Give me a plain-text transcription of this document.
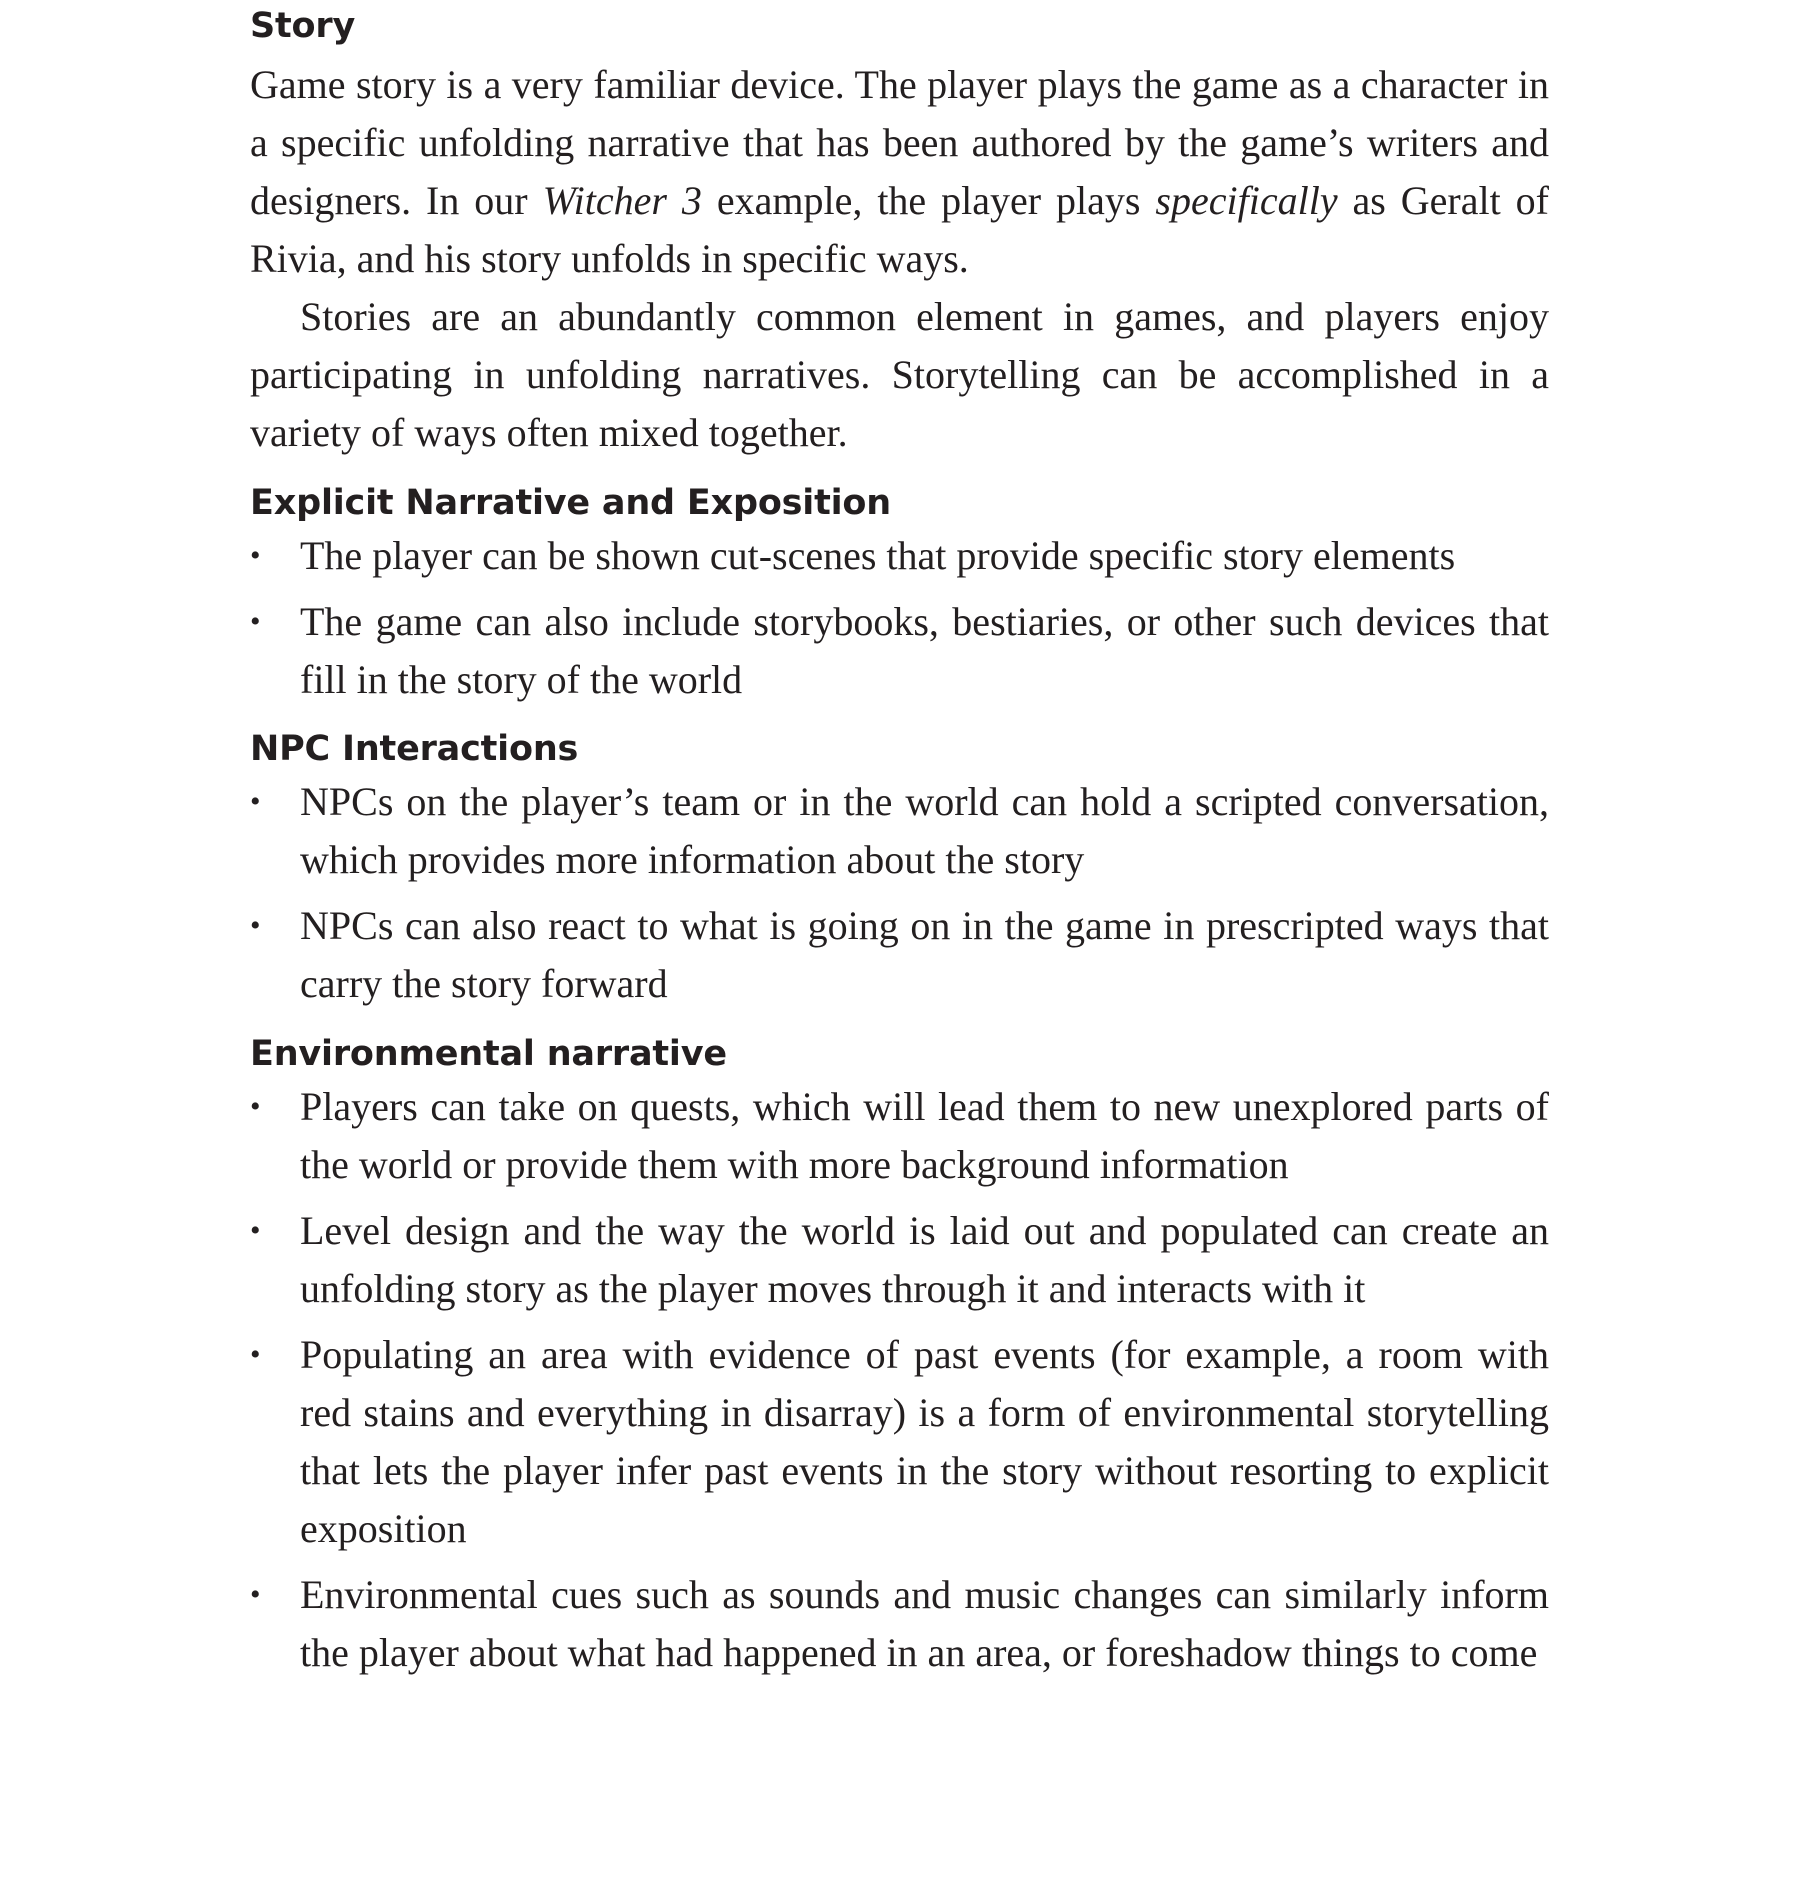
Story

Game story is a very familiar device. The player plays the game as a character in a specific unfolding narrative that has been authored by the game’s writers and designers. In our Witcher 3 example, the player plays specifically as Geralt of Rivia, and his story unfolds in specific ways.

Stories are an abundantly common element in games, and players enjoy participating in unfolding narratives. Storytelling can be accomplished in a variety of ways often mixed together.

Explicit Narrative and Exposition
• The player can be shown cut-scenes that provide specific story elements
• The game can also include storybooks, bestiaries, or other such devices that fill in the story of the world
NPC Interactions
• NPCs on the player’s team or in the world can hold a scripted conversation, which provides more information about the story
• NPCs can also react to what is going on in the game in prescripted ways that carry the story forward
Environmental narrative
• Players can take on quests, which will lead them to new unexplored parts of the world or provide them with more background information
• Level design and the way the world is laid out and populated can create an unfolding story as the player moves through it and interacts with it
• Populating an area with evidence of past events (for example, a room with red stains and everything in disarray) is a form of environmental storytelling that lets the player infer past events in the story without resorting to explicit exposition
• Environmental cues such as sounds and music changes can similarly inform the player about what had happened in an area, or foreshadow things to come
